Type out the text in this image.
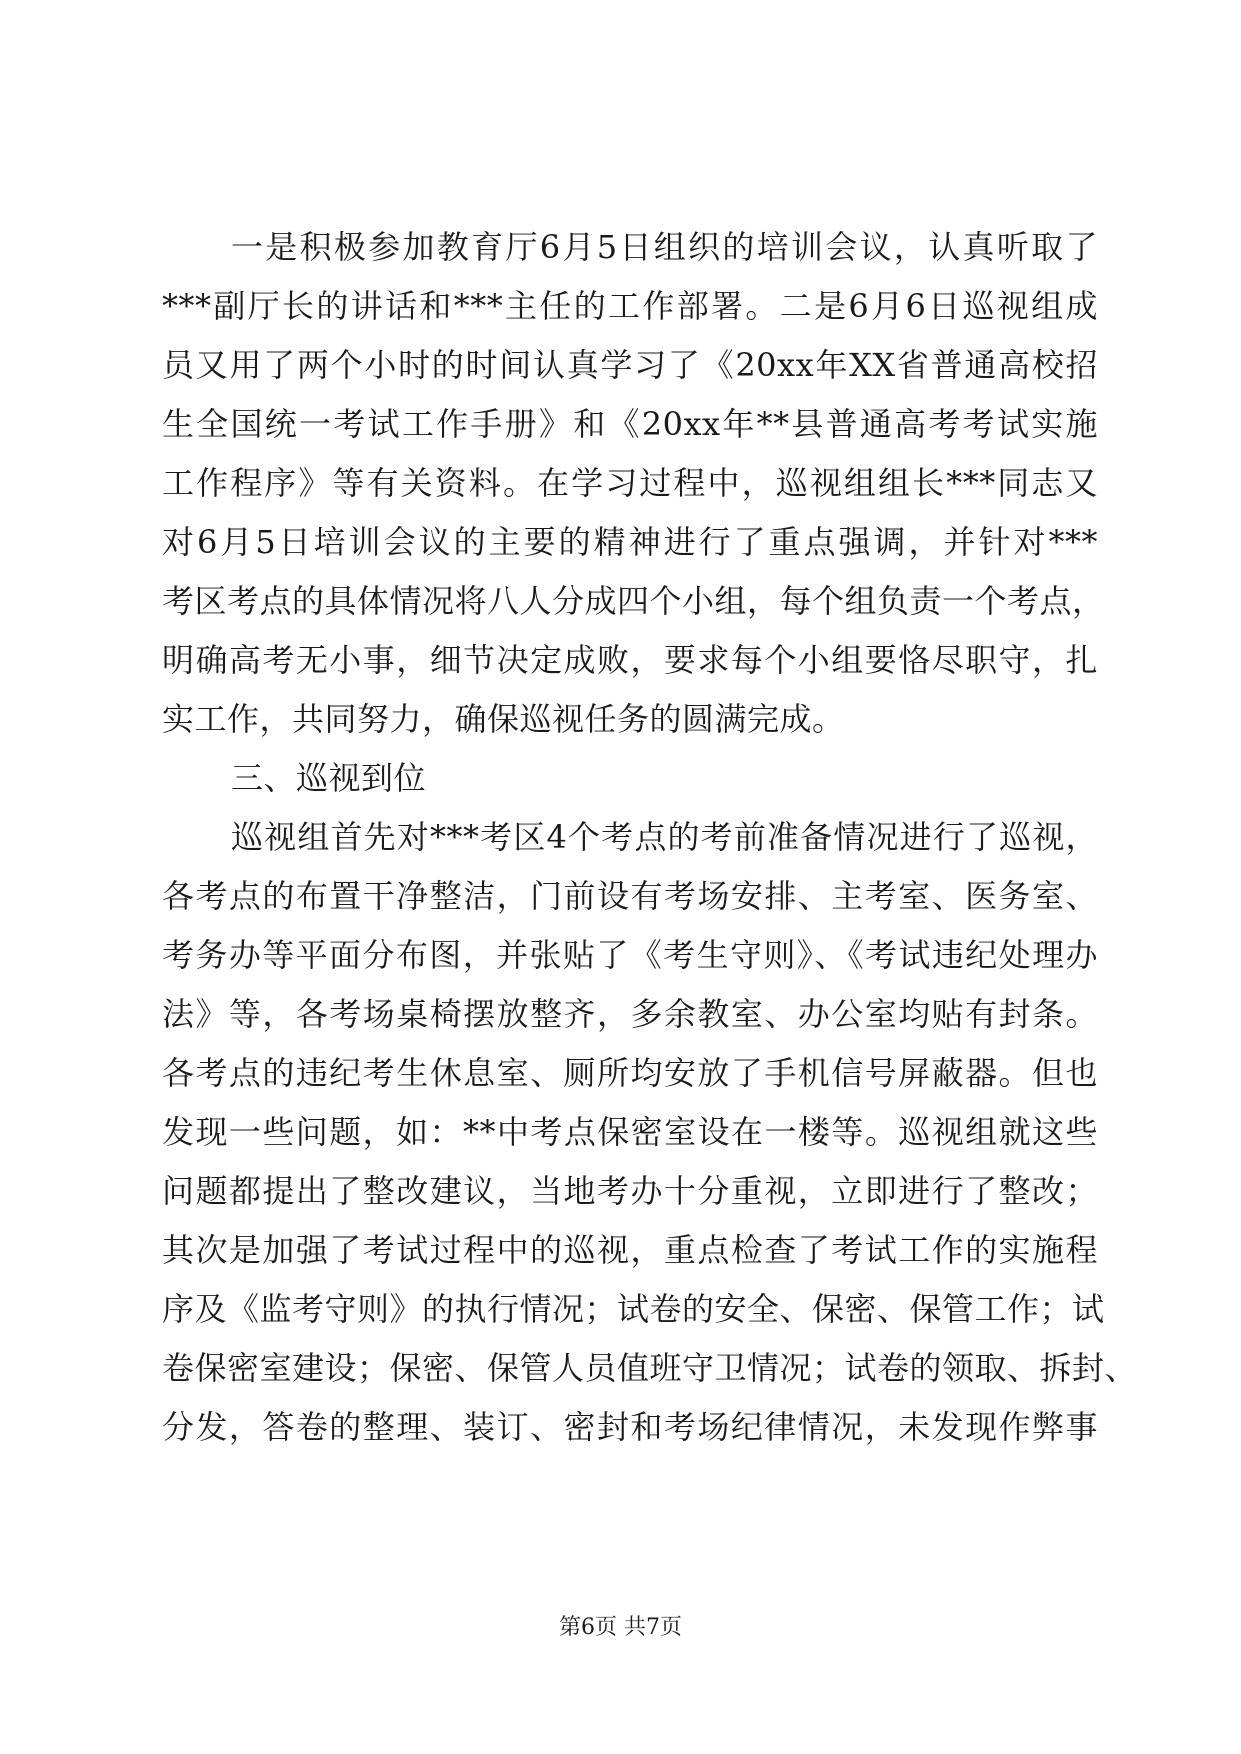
一是积极参加教育厅6月5日组织的培训会议，认真听取了
***副厅长的讲话和***主任的工作部署。二是6月6日巡视组成
员又用了两个小时的时间认真学习了《20xx年XX省普通高校招
生全国统一考试工作手册》和《20xx年**县普通高考考试实施
工作程序》等有关资料。在学习过程中，巡视组组长***同志又
对6月5日培训会议的主要的精神进行了重点强调，并针对***
考区考点的具体情况将八人分成四个小组，每个组负责一个考点，
明确高考无小事，细节决定成败，要求每个小组要恪尽职守，扎
实工作，共同努力，确保巡视任务的圆满完成。
三、巡视到位
巡视组首先对***考区4个考点的考前准备情况进行了巡视，
各考点的布置干净整洁，门前设有考场安排、主考室、医务室、
考务办等平面分布图，并张贴了《考生守则》、《考试违纪处理办
法》等，各考场桌椅摆放整齐，多余教室、办公室均贴有封条。
各考点的违纪考生休息室、厕所均安放了手机信号屏蔽器。但也
发现一些问题，如：**中考点保密室设在一楼等。巡视组就这些
问题都提出了整改建议，当地考办十分重视，立即进行了整改；
其次是加强了考试过程中的巡视，重点检查了考试工作的实施程
序及《监考守则》的执行情况；试卷的安全、保密、保管工作；试
卷保密室建设；保密、保管人员值班守卫情况；试卷的领取、拆封、
分发，答卷的整理、装订、密封和考场纪律情况，未发现作弊事
第6页 共7页
